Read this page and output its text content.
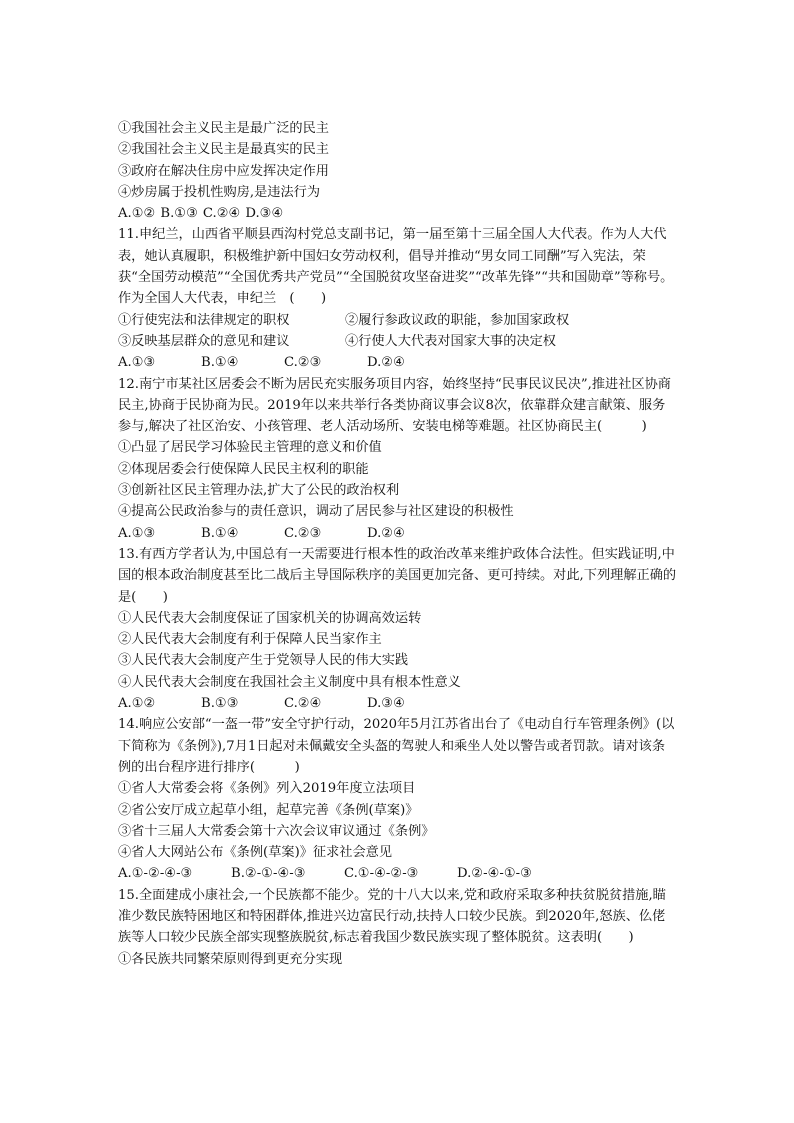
①我国社会主义民主是最广泛的民主
②我国社会主义民主是最真实的民主
③政府在解决住房中应发挥决定作用
④炒房属于投机性购房,是违法行为
A.①② B.①③ C.②④ D.③④
11.申纪兰，山西省平顺县西沟村党总支副书记，第一届至第十三届全国人大代表。作为人大代表，她认真履职，积极维护新中国妇女劳动权利，倡导并推动“男女同工同酬”写入宪法，荣获“全国劳动模范”“全国优秀共产党员”“全国脱贫攻坚奋进奖”“改革先锋”“共和国勋章”等称号。作为全国人大代表，申纪兰　(　　)
①行使宪法和法律规定的职权	②履行参政议政的职能，参加国家政权
③反映基层群众的意见和建议	④行使人大代表对国家大事的决定权
A.①③	B.①④	C.②③	D.②④
12.南宁市某社区居委会不断为居民充实服务项目内容，始终坚持“民事民议民决”,推进社区协商民主,协商于民协商为民。2019年以来共举行各类协商议事会议8次，依靠群众建言献策、服务参与,解决了社区治安、小孩管理、老人活动场所、安装电梯等难题。社区协商民主(　　　)
①凸显了居民学习体验民主管理的意义和价值
②体现居委会行使保障人民民主权利的职能
③创新社区民主管理办法,扩大了公民的政治权利
④提高公民政治参与的责任意识，调动了居民参与社区建设的积极性
A.①③	B.①④	C.②③	D.②④
13.有西方学者认为,中国总有一天需要进行根本性的政治改革来维护政体合法性。但实践证明,中国的根本政治制度甚至比二战后主导国际秩序的美国更加完备、更可持续。对此,下列理解正确的是(　　)
①人民代表大会制度保证了国家机关的协调高效运转
②人民代表大会制度有利于保障人民当家作主
③人民代表大会制度产生于党领导人民的伟大实践
④人民代表大会制度在我国社会主义制度中具有根本性意义
A.①②	B.①③	C.②④	D.③④
14.响应公安部“一盔一带”安全守护行动，2020年5月江苏省出台了《电动自行车管理条例》(以下简称为《条例》),7月1日起对未佩戴安全头盔的驾驶人和乘坐人处以警告或者罚款。请对该条例的出台程序进行排序(　　　)
①省人大常委会将《条例》列入2019年度立法项目
②省公安厅成立起草小组，起草完善《条例(草案)》
③省十三届人大常委会第十六次会议审议通过《条例》
④省人大网站公布《条例(草案)》征求社会意见
A.①-②-④-③	B.②-①-④-③	C.①-④-②-③	D.②-④-①-③
15.全面建成小康社会,一个民族都不能少。党的十八大以来,党和政府采取多种扶贫脱贫措施,瞄准少数民族特困地区和特困群体,推进兴边富民行动,扶持人口较少民族。到2020年,怒族、仫佬族等人口较少民族全部实现整族脱贫,标志着我国少数民族实现了整体脱贫。这表明(　　)
①各民族共同繁荣原则得到更充分实现
